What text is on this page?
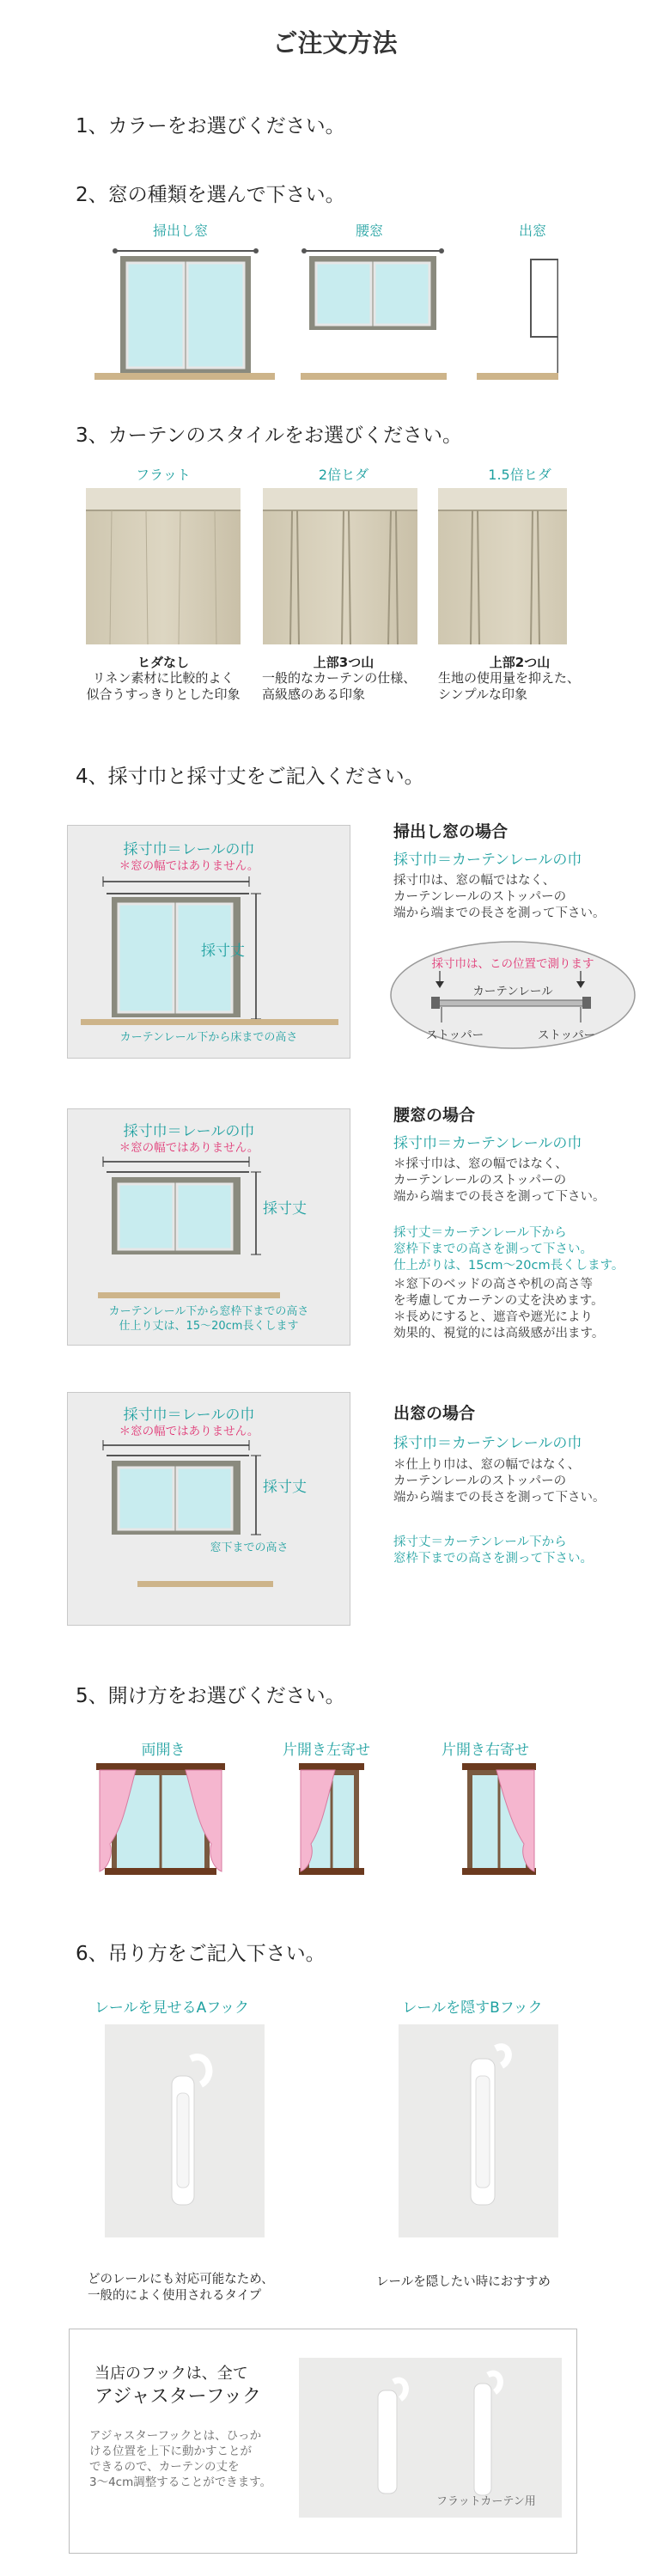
ご注文方法
1、カラーをお選びください。
2、窓の種類を選んで下さい。
掃出し窓	腰窓	出窓
3、カーテンのスタイルをお選びください。
フラット	2倍ヒダ	1.5倍ヒダ
ヒダなし
リネン素材に比較的よく
似合うすっきりとした印象
上部3つ山
一般的なカーテンの仕様、
高級感のある印象
上部2つ山
生地の使用量を抑えた、
シンプルな印象
4、採寸巾と採寸丈をご記入ください。
採寸巾＝レールの巾
＊窓の幅ではありません。
採寸丈
カーテンレール下から床までの高さ
掃出し窓の場合
採寸巾＝カーテンレールの巾
採寸巾は、窓の幅ではなく、
カーテンレールのストッパーの
端から端までの長さを測って下さい。
採寸巾は、この位置で測ります
カーテンレール
ストッパー	ストッパー
採寸巾＝レールの巾
＊窓の幅ではありません。
採寸丈
カーテンレール下から窓枠下までの高さ
仕上り丈は、15〜20cm長くします
腰窓の場合
採寸巾＝カーテンレールの巾
＊採寸巾は、窓の幅ではなく、
カーテンレールのストッパーの
端から端までの長さを測って下さい。
採寸丈＝カーテンレール下から
窓枠下までの高さを測って下さい。
仕上がりは、15cm〜20cm長くします。
＊窓下のベッドの高さや机の高さ等
を考慮してカーテンの丈を決めます。
＊長めにすると、遮音や遮光により
効果的、視覚的には高級感が出ます。
採寸巾＝レールの巾
＊窓の幅ではありません。
採寸丈
窓下までの高さ
出窓の場合
採寸巾＝カーテンレールの巾
＊仕上り巾は、窓の幅ではなく、
カーテンレールのストッパーの
端から端までの長さを測って下さい。
採寸丈＝カーテンレール下から
窓枠下までの高さを測って下さい。
5、開け方をお選びください。
両開き	片開き左寄せ	片開き右寄せ
6、吊り方をご記入下さい。
レールを見せるAフック	レールを隠すBフック
どのレールにも対応可能なため、
一般的によく使用されるタイプ
レールを隠したい時におすすめ
当店のフックは、全て
アジャスターフック
アジャスターフックとは、ひっか
ける位置を上下に動かすことが
できるので、カーテンの丈を
3〜4cm調整することができます。
フラットカーテン用
